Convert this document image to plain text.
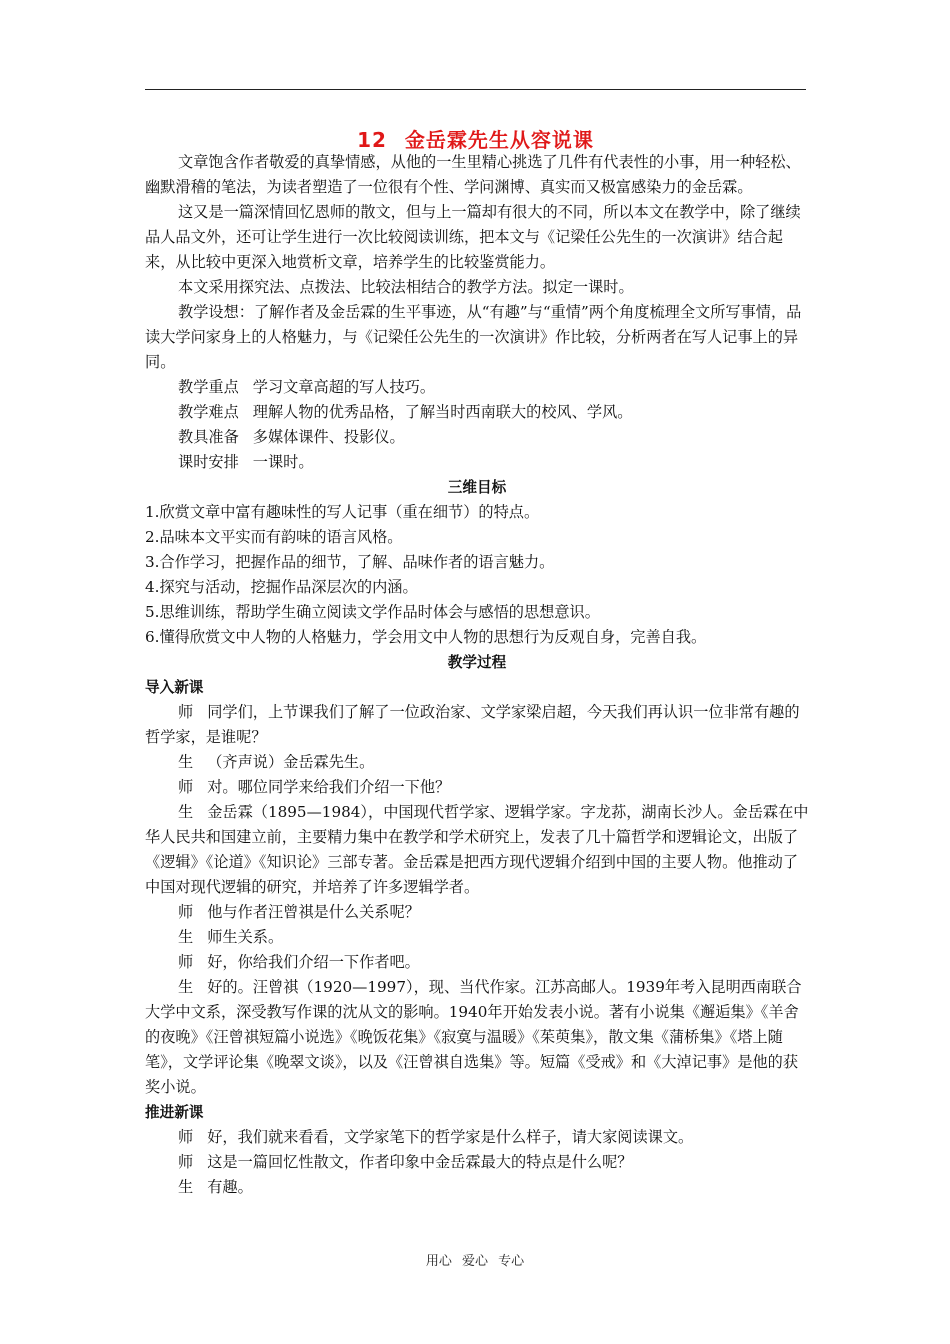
12 金岳霖先生从容说课

文章饱含作者敬爱的真挚情感，从他的一生里精心挑选了几件有代表性的小事，用一种轻松、幽默滑稽的笔法，为读者塑造了一位很有个性、学问渊博、真实而又极富感染力的金岳霖。

这又是一篇深情回忆恩师的散文，但与上一篇却有很大的不同，所以本文在教学中，除了继续品人品文外，还可让学生进行一次比较阅读训练，把本文与《记梁任公先生的一次演讲》结合起来，从比较中更深入地赏析文章，培养学生的比较鉴赏能力。

本文采用探究法、点拨法、比较法相结合的教学方法。拟定一课时。

教学设想：了解作者及金岳霖的生平事迹，从“有趣”与“重情”两个角度梳理全文所写事情，品读大学问家身上的人格魅力，与《记梁任公先生的一次演讲》作比较，分析两者在写人记事上的异同。

教学重点 学习文章高超的写人技巧。

教学难点 理解人物的优秀品格，了解当时西南联大的校风、学风。

教具准备 多媒体课件、投影仪。

课时安排 一课时。

三维目标

1.欣赏文章中富有趣味性的写人记事（重在细节）的特点。

2.品味本文平实而有韵味的语言风格。

3.合作学习，把握作品的细节，了解、品味作者的语言魅力。

4.探究与活动，挖掘作品深层次的内涵。

5.思维训练，帮助学生确立阅读文学作品时体会与感悟的思想意识。

6.懂得欣赏文中人物的人格魅力，学会用文中人物的思想行为反观自身，完善自我。

教学过程

导入新课

师 同学们，上节课我们了解了一位政治家、文学家梁启超，今天我们再认识一位非常有趣的哲学家，是谁呢？

生 （齐声说）金岳霖先生。

师 对。哪位同学来给我们介绍一下他？

生 金岳霖（1895—1984），中国现代哲学家、逻辑学家。字龙荪，湖南长沙人。金岳霖在中华人民共和国建立前，主要精力集中在教学和学术研究上，发表了几十篇哲学和逻辑论文，出版了《逻辑》《论道》《知识论》三部专著。金岳霖是把西方现代逻辑介绍到中国的主要人物。他推动了中国对现代逻辑的研究，并培养了许多逻辑学者。

师 他与作者汪曾祺是什么关系呢？

生 师生关系。

师 好，你给我们介绍一下作者吧。

生 好的。汪曾祺（1920—1997），现、当代作家。江苏高邮人。1939年考入昆明西南联合大学中文系，深受教写作课的沈从文的影响。1940年开始发表小说。著有小说集《邂逅集》《羊舍的夜晚》《汪曾祺短篇小说选》《晚饭花集》《寂寞与温暖》《茱萸集》，散文集《蒲桥集》《塔上随笔》，文学评论集《晚翠文谈》，以及《汪曾祺自选集》等。短篇《受戒》和《大淖记事》是他的获奖小说。

推进新课

师 好，我们就来看看，文学家笔下的哲学家是什么样子，请大家阅读课文。

师 这是一篇回忆性散文，作者印象中金岳霖最大的特点是什么呢？

生 有趣。

用心 爱心 专心
